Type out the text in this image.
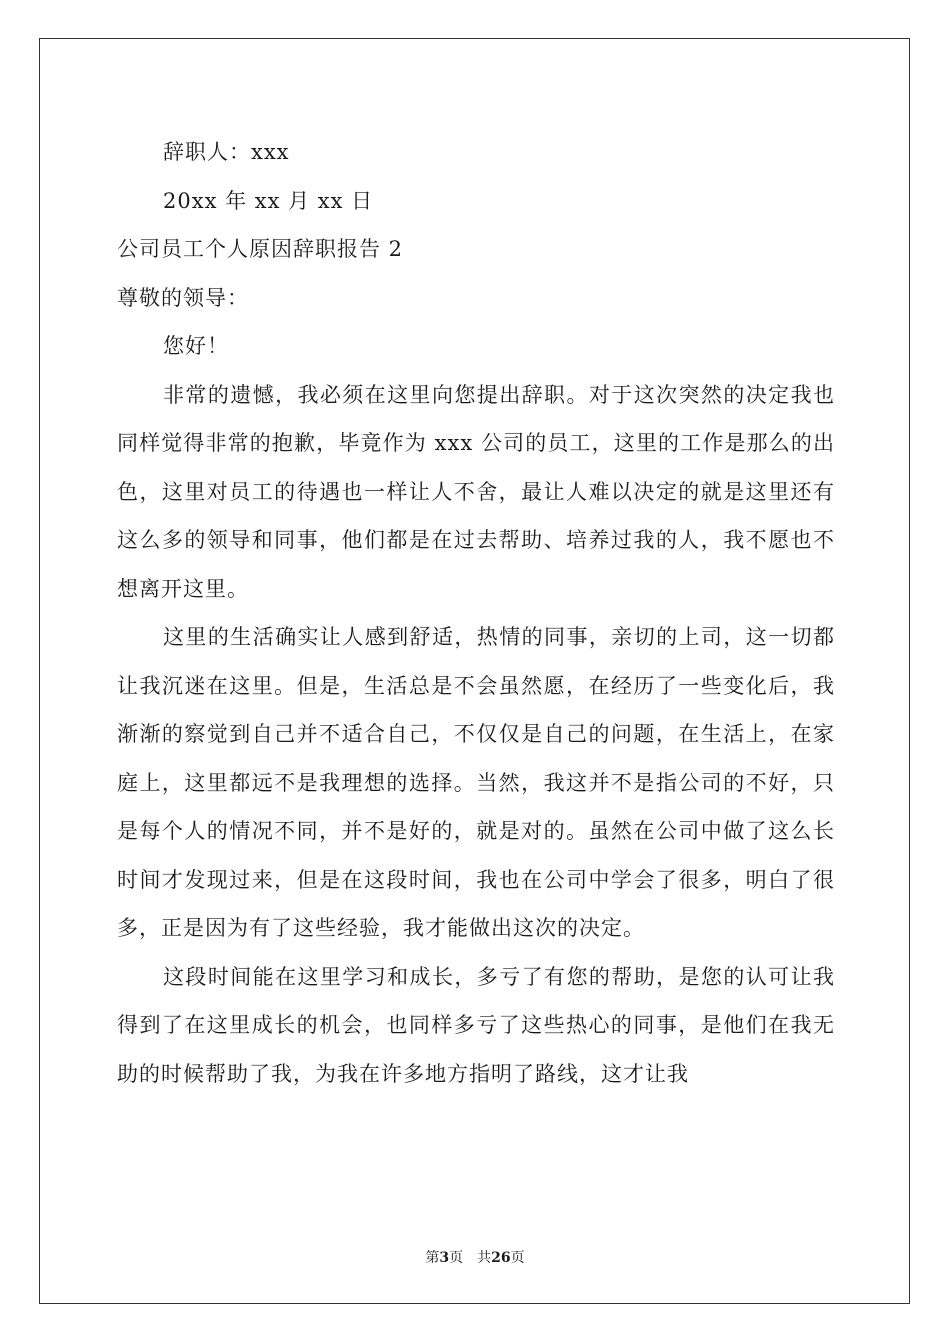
辞职人：xxx
20xx 年 xx 月 xx 日
公司员工个人原因辞职报告 2
尊敬的领导：
您好！

非常的遗憾，我必须在这里向您提出辞职。对于这次突然的决定我也同样觉得非常的抱歉，毕竟作为 xxx 公司的员工，这里的工作是那么的出色，这里对员工的待遇也一样让人不舍，最让人难以决定的就是这里还有这么多的领导和同事，他们都是在过去帮助、培养过我的人，我不愿也不想离开这里。

这里的生活确实让人感到舒适，热情的同事，亲切的上司，这一切都让我沉迷在这里。但是，生活总是不会虽然愿，在经历了一些变化后，我渐渐的察觉到自己并不适合自己，不仅仅是自己的问题，在生活上，在家庭上，这里都远不是我理想的选择。当然，我这并不是指公司的不好，只是每个人的情况不同，并不是好的，就是对的。虽然在公司中做了这么长时间才发现过来，但是在这段时间，我也在公司中学会了很多，明白了很多，正是因为有了这些经验，我才能做出这次的决定。

这段时间能在这里学习和成长，多亏了有您的帮助，是您的认可让我得到了在这里成长的机会，也同样多亏了这些热心的同事，是他们在我无助的时候帮助了我，为我在许多地方指明了路线，这才让我

第3页　共26页
